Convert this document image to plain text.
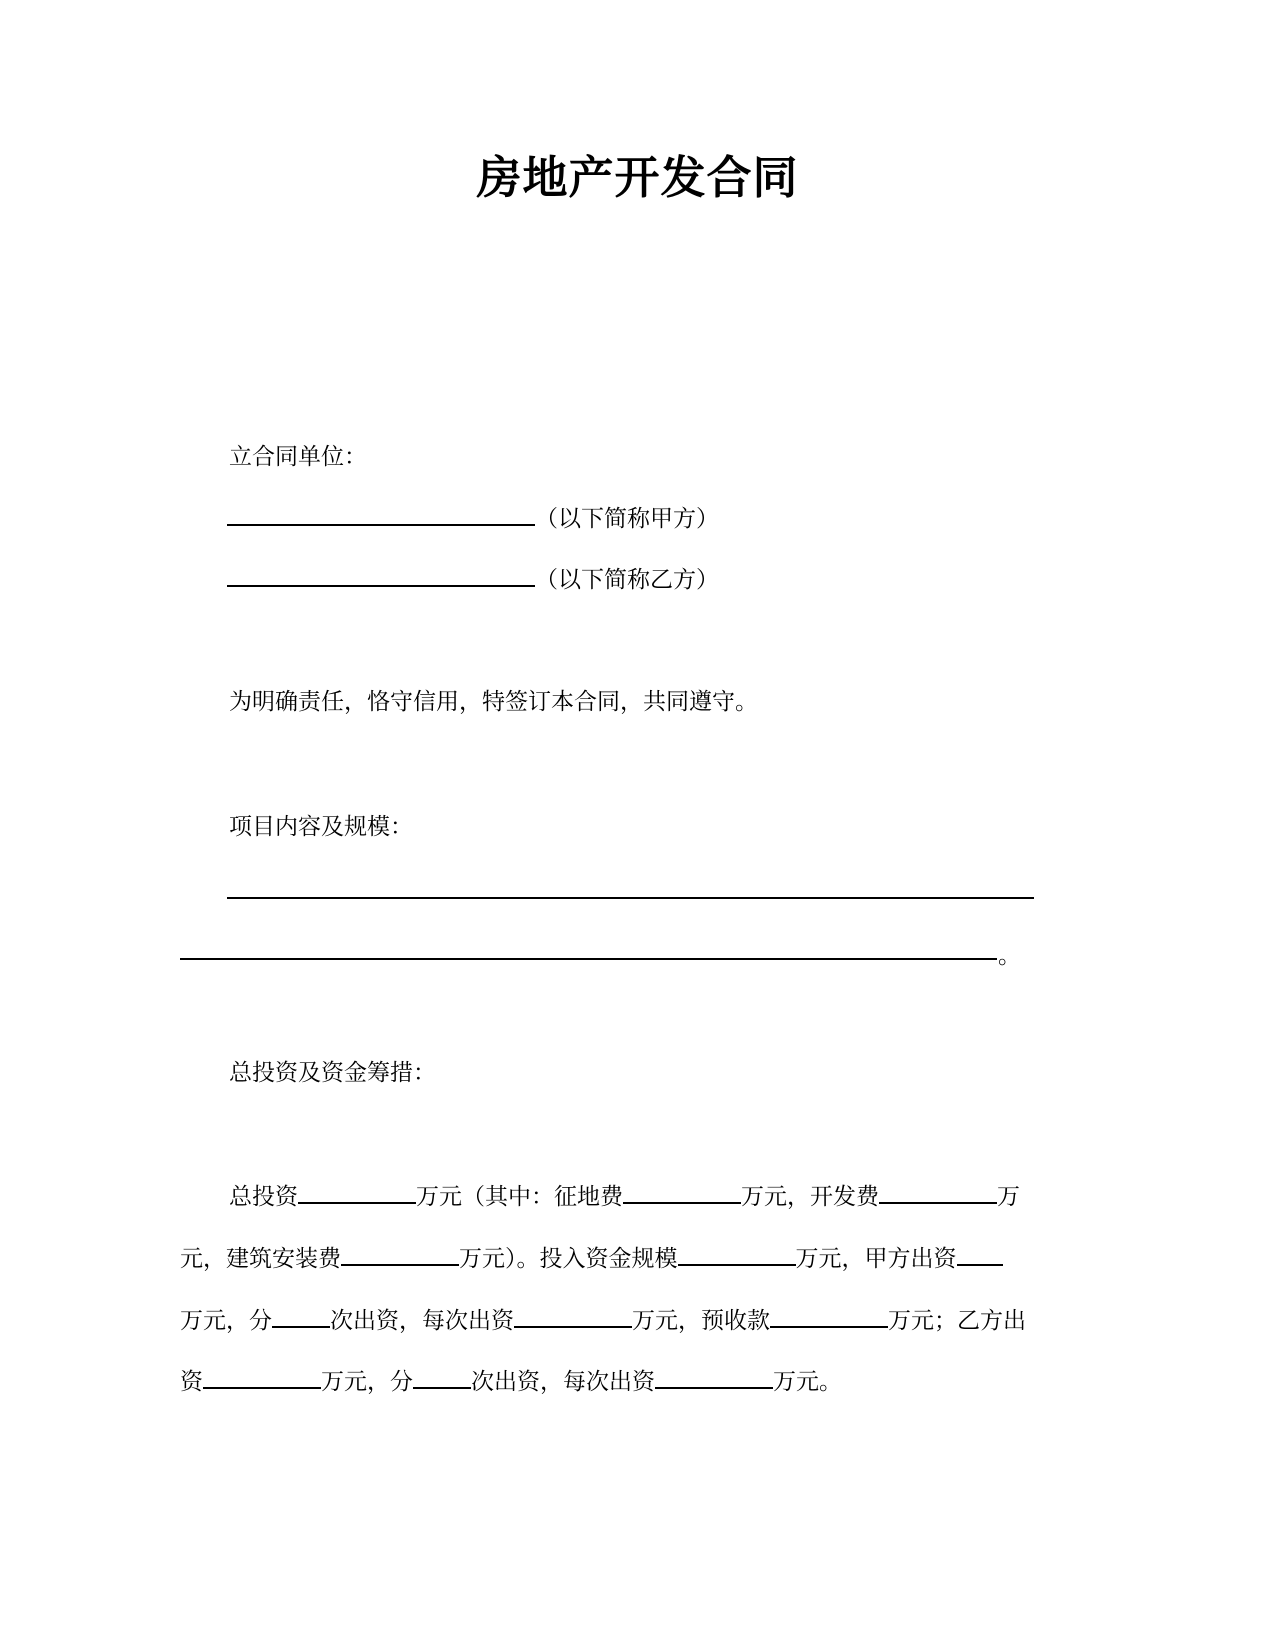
房地产开发合同
立合同单位：
（以下简称甲方）
（以下简称乙方）
为明确责任，恪守信用，特签订本合同，共同遵守。
项目内容及规模：
。
总投资及资金筹措：
总投资	万元（其中：征地费	万元，开发费	万
元，建筑安装费	万元）。投入资金规模	万元，甲方出资
万元，分	次出资，每次出资	万元，预收款	万元；乙方出
资	万元，分	次出资，每次出资	万元。
